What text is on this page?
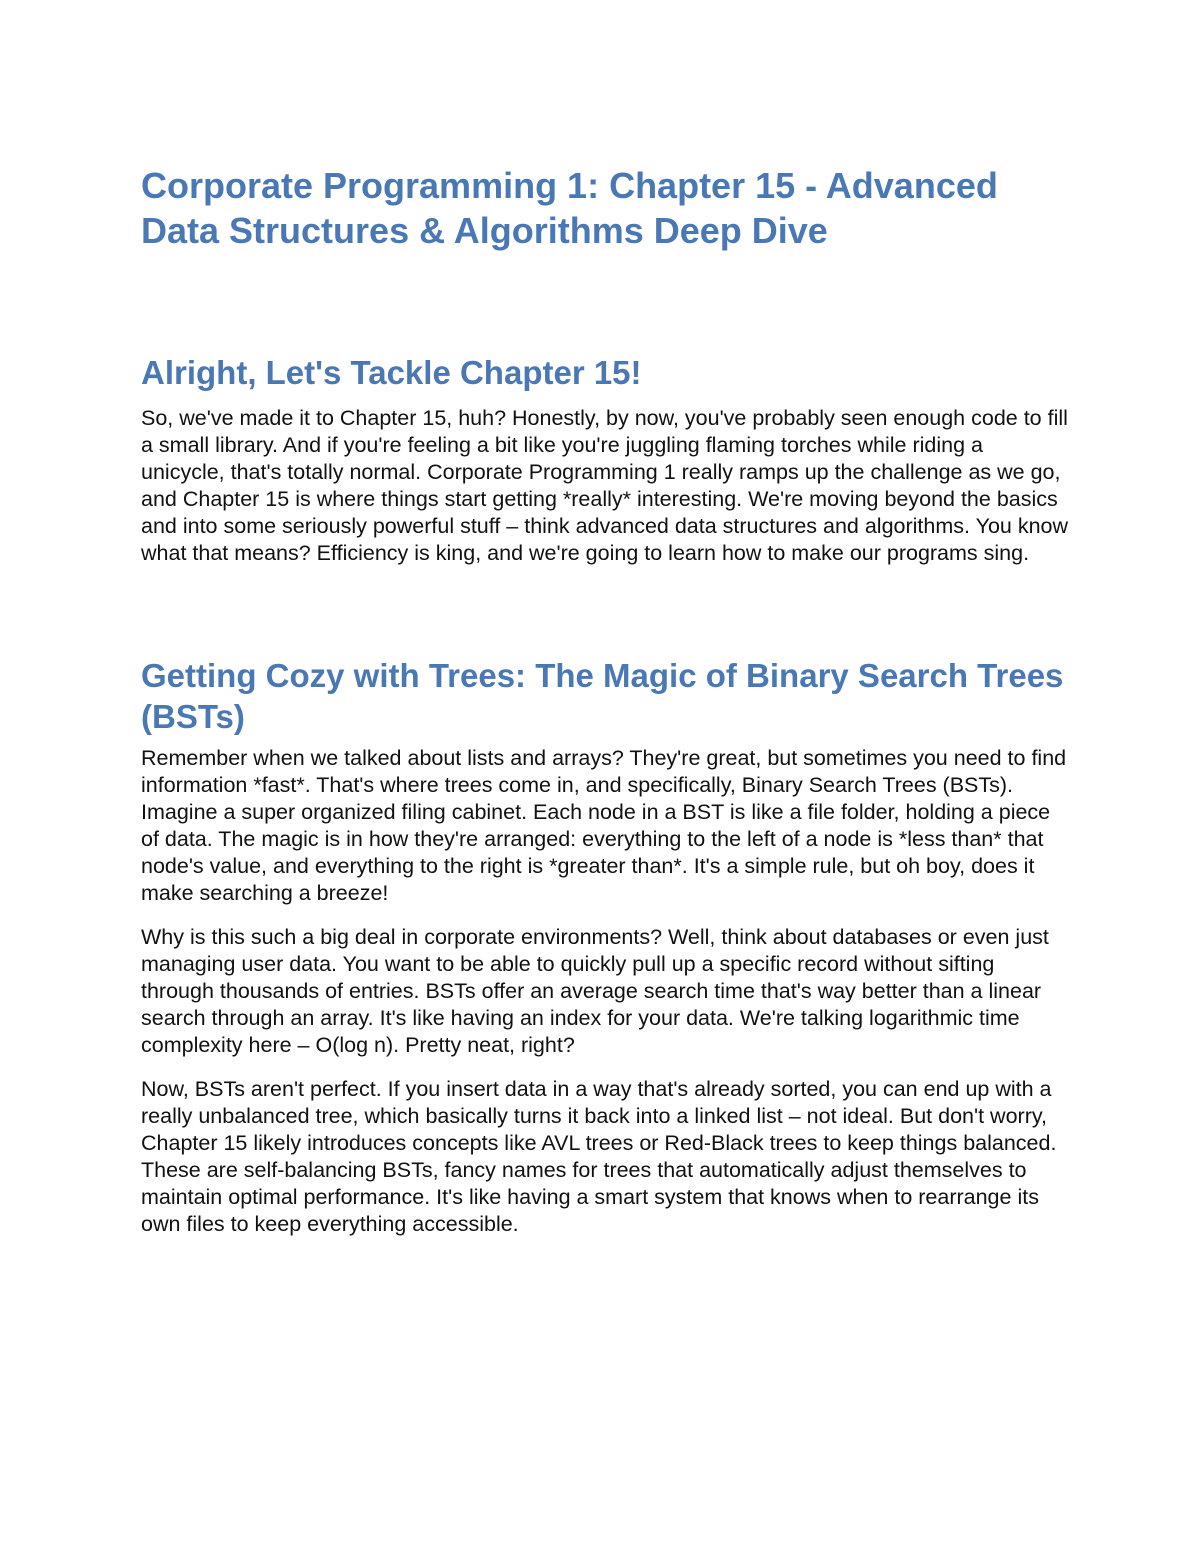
Corporate Programming 1: Chapter 15 - Advanced Data Structures & Algorithms Deep Dive
Alright, Let's Tackle Chapter 15!

So, we've made it to Chapter 15, huh? Honestly, by now, you've probably seen enough code to fill a small library. And if you're feeling a bit like you're juggling flaming torches while riding a unicycle, that's totally normal. Corporate Programming 1 really ramps up the challenge as we go, and Chapter 15 is where things start getting *really* interesting. We're moving beyond the basics and into some seriously powerful stuff – think advanced data structures and algorithms. You know what that means? Efficiency is king, and we're going to learn how to make our programs sing.

Getting Cozy with Trees: The Magic of Binary Search Trees (BSTs)

Remember when we talked about lists and arrays? They're great, but sometimes you need to find information *fast*. That's where trees come in, and specifically, Binary Search Trees (BSTs). Imagine a super organized filing cabinet. Each node in a BST is like a file folder, holding a piece of data. The magic is in how they're arranged: everything to the left of a node is *less than* that node's value, and everything to the right is *greater than*. It's a simple rule, but oh boy, does it make searching a breeze!

Why is this such a big deal in corporate environments? Well, think about databases or even just managing user data. You want to be able to quickly pull up a specific record without sifting through thousands of entries. BSTs offer an average search time that's way better than a linear search through an array. It's like having an index for your data. We're talking logarithmic time complexity here – O(log n). Pretty neat, right?

Now, BSTs aren't perfect. If you insert data in a way that's already sorted, you can end up with a really unbalanced tree, which basically turns it back into a linked list – not ideal. But don't worry, Chapter 15 likely introduces concepts like AVL trees or Red-Black trees to keep things balanced. These are self-balancing BSTs, fancy names for trees that automatically adjust themselves to maintain optimal performance. It's like having a smart system that knows when to rearrange its own files to keep everything accessible.
